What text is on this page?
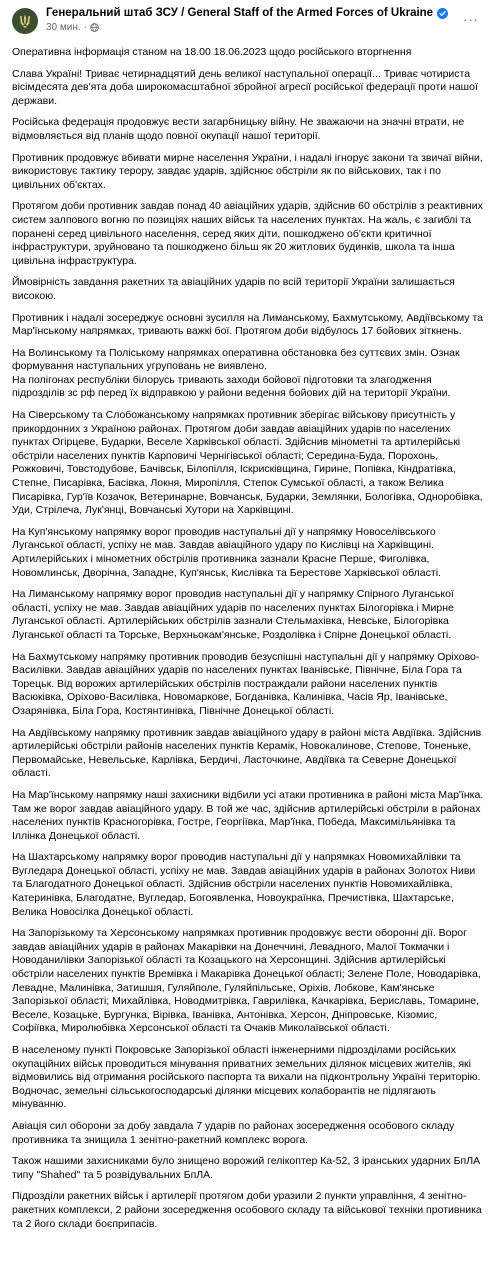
Генеральний штаб ЗСУ / General Staff of the Armed Forces of Ukraine
30 мин. ·
···

Оперативна інформація станом на 18.00 18.06.2023 щодо російського вторгнення

Слава Україні! Триває четирнадцятий день великої наступальної операції... Триває чотириста вісімдесята дев'ята доба широкомасштабної збройної агресії російської федерації проти нашої держави.

Російська федерація продовжує вести загарбницьку війну. Не зважаючи на значні втрати, не відмовляється від планів щодо повної окупації нашої території.

Противник продовжує вбивати мирне населення України, і надалі ігнорує закони та звичаї війни, використовує тактику терору, завдає ударів, здійснює обстріли як по військових, так і по цивільних об'єктах.

Протягом доби противник завдав понад 40 авіаційних ударів, здійснив 60 обстрілів з реактивних систем залпового вогню по позиціях наших військ та населених пунктах. На жаль, є загиблі та поранені серед цивільного населення, серед яких діти, пошкоджено об'єкти критичної інфраструктури, зруйновано та пошкоджено більш як 20 житлових будинків, школа та інша цивільна інфраструктура.

Ймовірність завдання ракетних та авіаційних ударів по всій території України залишається високою.

Противник і надалі зосереджує основні зусилля на Лиманському, Бахмутському, Авдіївському та Мар'їнському напрямках, тривають важкі бої. Протягом доби відбулось 17 бойових зіткнень.

На Волинському та Поліському напрямках оперативна обстановка без суттєвих змін. Ознак формування наступальних угруповань не виявлено.

На полігонах республіки білорусь тривають заходи бойової підготовки та злагодження підрозділів зс рф перед їх відправкою у райони ведення бойових дій на території України.

На Сіверському та Слобожанському напрямках противник зберігає військову присутність у прикордонних з Україною районах. Протягом доби завдав авіаційних ударів по населених пунктах Огірцеве, Бударки, Веселе Харківської області. Здійснив мінометні та артилерійські обстріли населених пунктів Карповичі Чернігівської області; Середина-Буда, Порохонь, Рожковичі, Товстодубове, Бачівськ, Білопілля, Іскрисківщина, Гирине, Попівка, Кіндратівка, Степне, Писарівка, Басівка, Локня, Миропілля, Степок Сумської області, а також Велика Писарівка, Гур'їв Козачок, Ветеринарне, Вовчанськ, Бударки, Землянки, Бологівка, Одноробівка, Уди, Стрілеча, Лук'янці, Вовчанські Хутори на Харківщині.

На Куп'янському напрямку ворог проводив наступальні дії у напрямку Новоселівського Луганської області, успіху не мав. Завдав авіаційного удару по Кислівці на Харківщині. Артилерійських і мінометних обстрілів противника зазнали Красне Перше, Фиголівка, Новомлинськ, Дворічна, Западне, Куп'янськ, Кислівка та Берестове Харківської області.

На Лиманському напрямку ворог проводив наступальні дії у напрямку Спірного Луганської області, успіху не мав. Завдав авіаційних ударів по населених пунктах Білогорівка і Мирне Луганської області. Артилерійських обстрілів зазнали Стельмахівка, Невське, Білогорівка Луганської області та Торське, Верхньокам'янське, Роздолівка і Спірне Донецької області.

На Бахмутському напрямку противник проводив безуспішні наступальні дії у напрямку Оріхово-Василівки. Завдав авіаційних ударів по населених пунктах Іванівське, Північне, Біла Гора та Торецьк. Від ворожих артилерійських обстрілів постраждали райони населених пунктів Васюківка, Оріхово-Василівка, Новомаркове, Богданівка, Калинівка, Часів Яр, Іванівське, Озарянівка, Біла Гора, Костянтинівка, Північне Донецької області.

На Авдіївському напрямку противник завдав авіаційного удару в районі міста Авдіївка. Здійснив артилерійські обстріли районів населених пунктів Керамік, Новокалинове, Степове, Тоненьке, Первомайське, Невельське, Карлівка, Бердичі, Ласточкине, Авдіївка та Северне Донецької області.

На Мар'їнському напрямку наші захисники відбили усі атаки противника в районі міста Мар'їнка. Там же ворог завдав авіаційного удару. В той же час, здійснив артилерійські обстріли в районах населених пунктів Красногорівка, Гостре, Георгіївка, Мар'їнка, Победа, Максимільянівка та Іллінка Донецької області.

На Шахтарському напрямку ворог проводив наступальні дії у напрямках Новомихайлівки та Вугледара Донецької області, успіху не мав. Завдав авіаційних ударів в районах Золотох Ниви та Благодатного Донецької області. Здійснив обстріли населених пунктів Новомихайлівка, Катеринівка, Благодатне, Вугледар, Богоявленка, Новоукраїнка, Пречистівка, Шахтарське, Велика Новосілка Донецької області.

На Запорізькому та Херсонському напрямках противник продовжує вести оборонні дії. Ворог завдав авіаційних ударів в районах Макарівки на Донеччині, Левадного, Малої Токмачки і Новоданилівки Запорізької області та Козацького на Херсонщині. Здійснив артилерійські обстріли населених пунктів Времівка і Макарівка Донецької області; Зелене Поле, Новодарівка, Левадне, Малинівка, Затишшя, Гуляйполе, Гуляйпільське, Оріхів, Лобкове, Кам'янське Запорізької області; Михайлівка, Новодмитрівка, Гаврилівка, Качкарівка, Бериславь, Томарине, Веселе, Козацьке, Бургунка, Вірівка, Іванівка, Антонівка, Херсон, Дніпровське, Кізомис, Софіївка, Миролюбівка Херсонської області та Очаків Миколаївської області.

В населеному пункті Покровське Запорізької області інженерними підрозділами російських окупаційних військ проводиться мінування приватних земельних ділянок місцевих жителів, які відмовились від отримання російського паспорта та вихали на підконтрольну Україні територію.

Водночас, земельні сільськогосподарські ділянки місцевих колаборантів не підлягають мінуванню.

Авіація сил оборони за добу завдала 7 ударів по районах зосередження особового складу противника та знищила 1 зенітно-ракетний комплекс ворога.

Також нашими захисниками було знищено ворожий гелікоптер Ка-52, 3 іранських ударних БпЛА типу "Shahed" та 5 розвідувальних БпЛА.

Підрозділи ракетних військ і артилерії протягом доби уразили 2 пункти управління, 4 зенітно-ракетних комплекси, 2 райони зосередження особового складу та військової техніки противника та 2 його склади боєприпасів.
